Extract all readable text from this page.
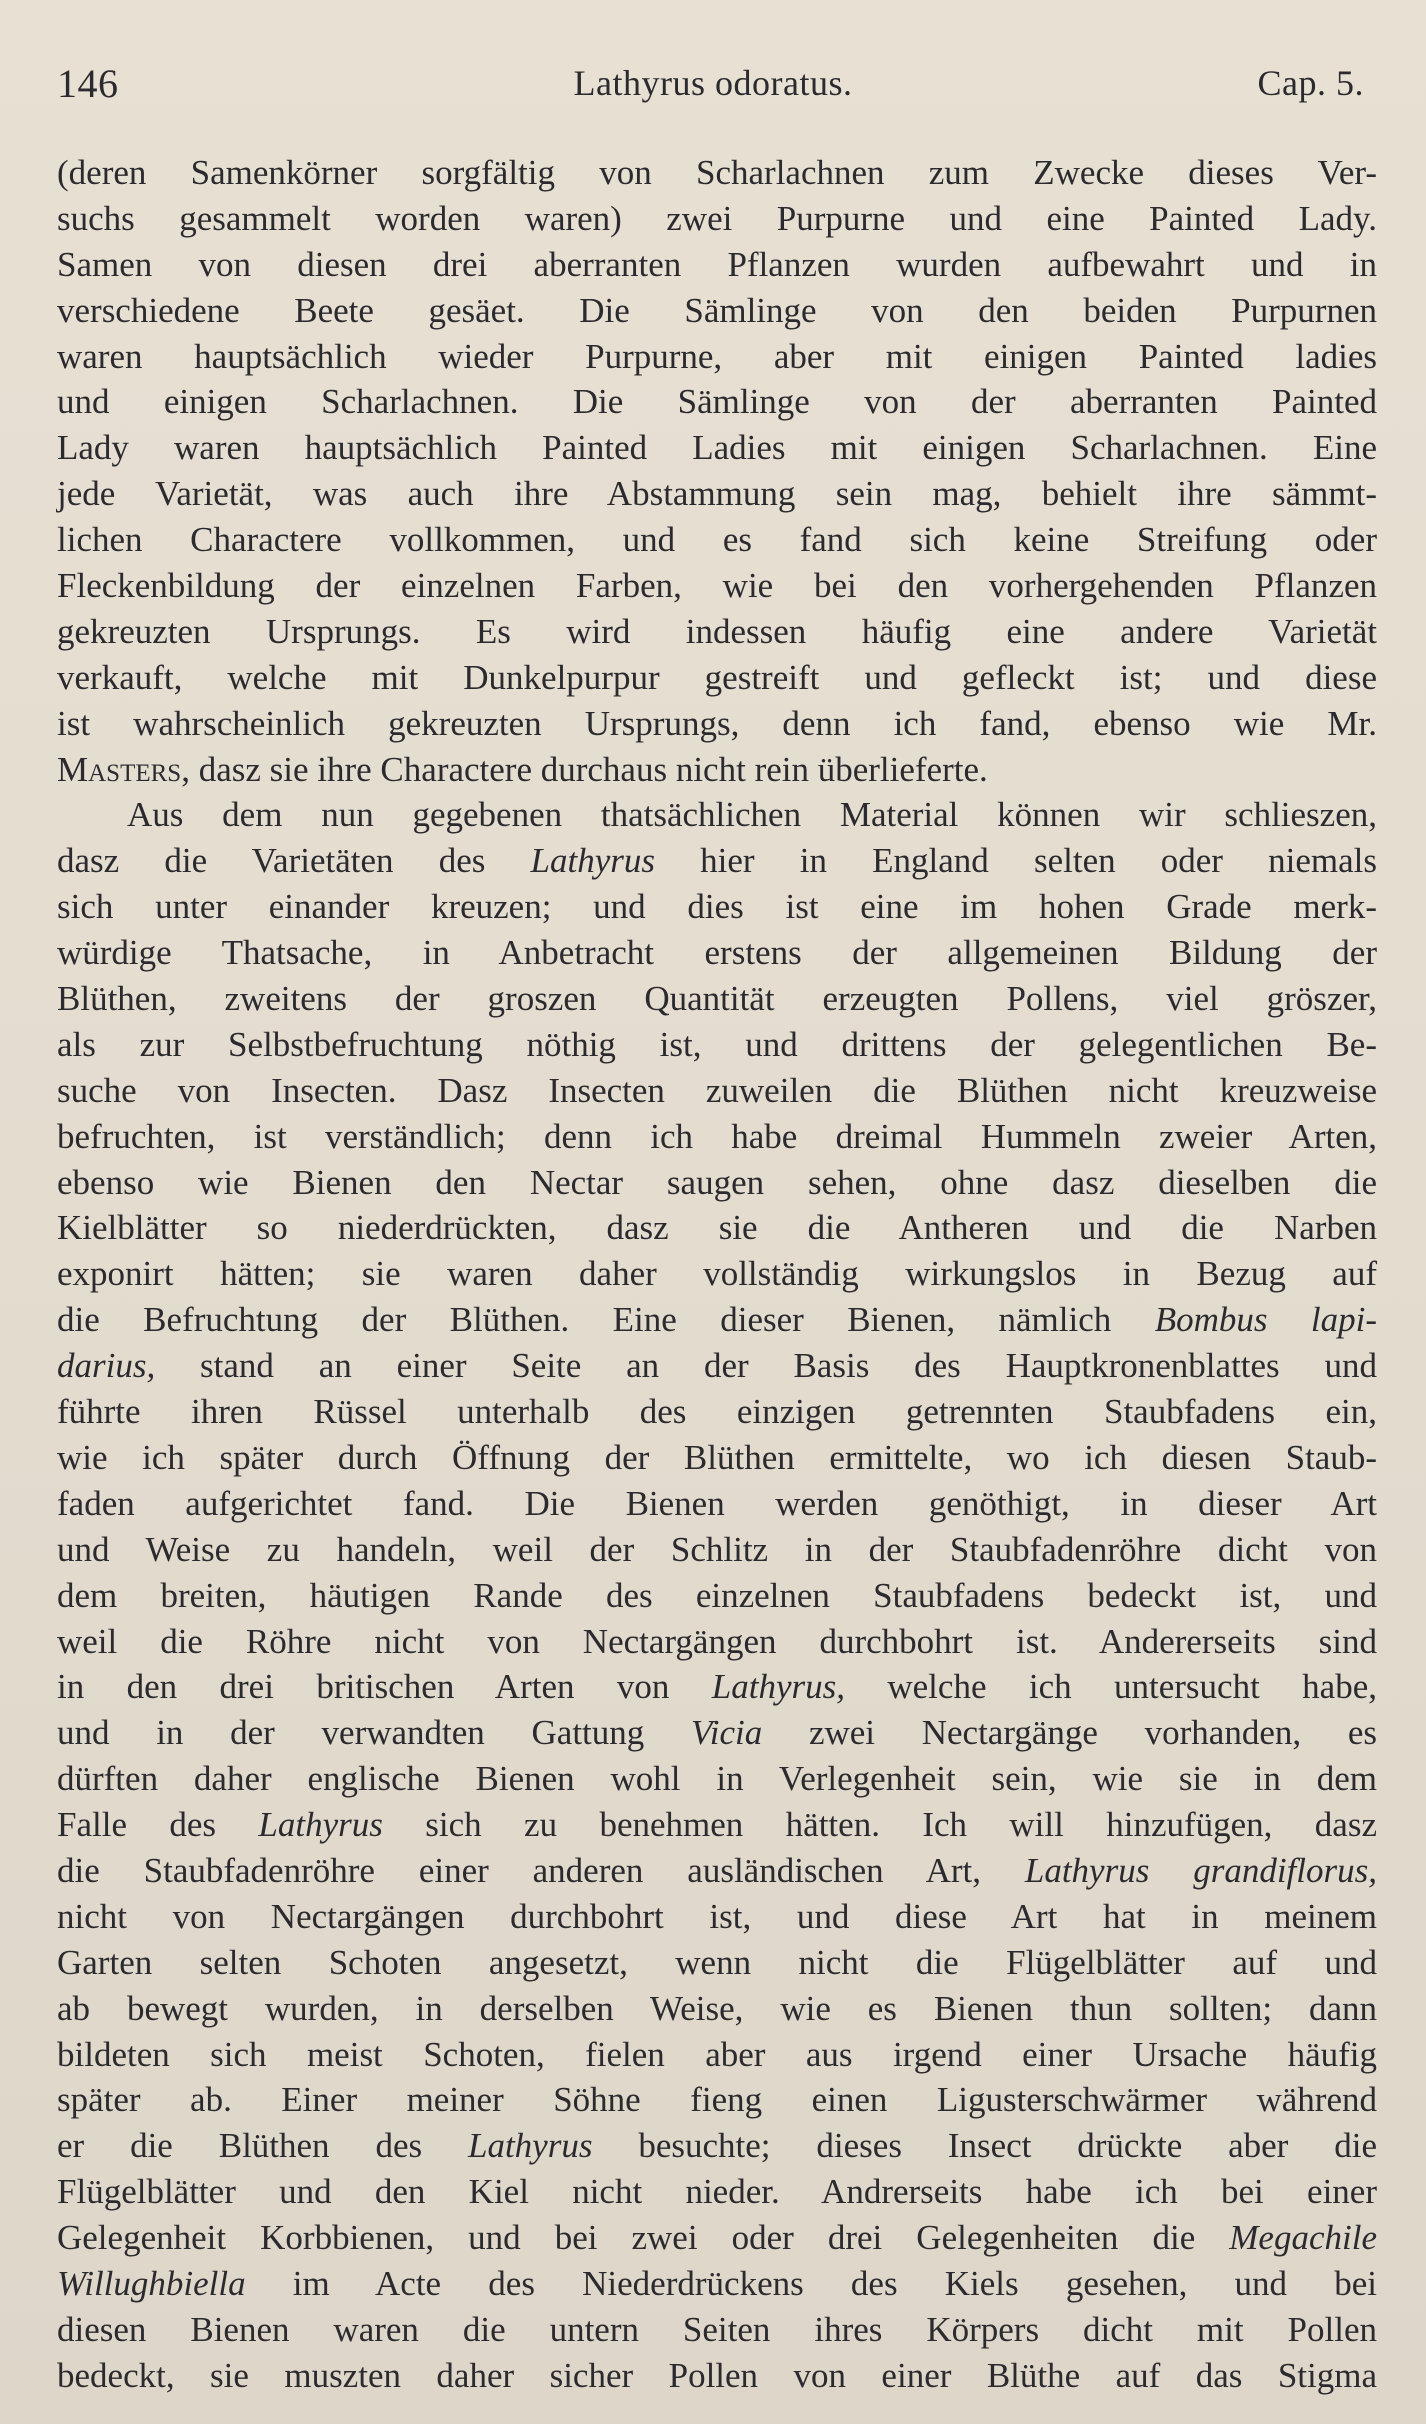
146	Lathyrus odoratus.	Cap. 5.
(deren Samenkörner sorgfältig von Scharlachnen zum Zwecke dieses Ver-
suchs gesammelt worden waren) zwei Purpurne und eine Painted Lady.
Samen von diesen drei aberranten Pflanzen wurden aufbewahrt und in
verschiedene Beete gesäet. Die Sämlinge von den beiden Purpurnen
waren hauptsächlich wieder Purpurne, aber mit einigen Painted ladies
und einigen Scharlachnen. Die Sämlinge von der aberranten Painted
Lady waren hauptsächlich Painted Ladies mit einigen Scharlachnen. Eine
jede Varietät, was auch ihre Abstammung sein mag, behielt ihre sämmt-
lichen Charactere vollkommen, und es fand sich keine Streifung oder
Fleckenbildung der einzelnen Farben, wie bei den vorhergehenden Pflanzen
gekreuzten Ursprungs. Es wird indessen häufig eine andere Varietät
verkauft, welche mit Dunkelpurpur gestreift und gefleckt ist; und diese
ist wahrscheinlich gekreuzten Ursprungs, denn ich fand, ebenso wie Mr.
Masters, dasz sie ihre Charactere durchaus nicht rein überlieferte.
Aus dem nun gegebenen thatsächlichen Material können wir schlieszen,
dasz die Varietäten des Lathyrus hier in England selten oder niemals
sich unter einander kreuzen; und dies ist eine im hohen Grade merk-
würdige Thatsache, in Anbetracht erstens der allgemeinen Bildung der
Blüthen, zweitens der groszen Quantität erzeugten Pollens, viel gröszer,
als zur Selbstbefruchtung nöthig ist, und drittens der gelegentlichen Be-
suche von Insecten. Dasz Insecten zuweilen die Blüthen nicht kreuzweise
befruchten, ist verständlich; denn ich habe dreimal Hummeln zweier Arten,
ebenso wie Bienen den Nectar saugen sehen, ohne dasz dieselben die
Kielblätter so niederdrückten, dasz sie die Antheren und die Narben
exponirt hätten; sie waren daher vollständig wirkungslos in Bezug auf
die Befruchtung der Blüthen. Eine dieser Bienen, nämlich Bombus lapi-
darius, stand an einer Seite an der Basis des Hauptkronenblattes und
führte ihren Rüssel unterhalb des einzigen getrennten Staubfadens ein,
wie ich später durch Öffnung der Blüthen ermittelte, wo ich diesen Staub-
faden aufgerichtet fand. Die Bienen werden genöthigt, in dieser Art
und Weise zu handeln, weil der Schlitz in der Staubfadenröhre dicht von
dem breiten, häutigen Rande des einzelnen Staubfadens bedeckt ist, und
weil die Röhre nicht von Nectargängen durchbohrt ist. Andererseits sind
in den drei britischen Arten von Lathyrus, welche ich untersucht habe,
und in der verwandten Gattung Vicia zwei Nectargänge vorhanden, es
dürften daher englische Bienen wohl in Verlegenheit sein, wie sie in dem
Falle des Lathyrus sich zu benehmen hätten. Ich will hinzufügen, dasz
die Staubfadenröhre einer anderen ausländischen Art, Lathyrus grandiflorus,
nicht von Nectargängen durchbohrt ist, und diese Art hat in meinem
Garten selten Schoten angesetzt, wenn nicht die Flügelblätter auf und
ab bewegt wurden, in derselben Weise, wie es Bienen thun sollten; dann
bildeten sich meist Schoten, fielen aber aus irgend einer Ursache häufig
später ab. Einer meiner Söhne fieng einen Ligusterschwärmer während
er die Blüthen des Lathyrus besuchte; dieses Insect drückte aber die
Flügelblätter und den Kiel nicht nieder. Andrerseits habe ich bei einer
Gelegenheit Korbbienen, und bei zwei oder drei Gelegenheiten die Megachile
Willughbiella im Acte des Niederdrückens des Kiels gesehen, und bei
diesen Bienen waren die untern Seiten ihres Körpers dicht mit Pollen
bedeckt, sie muszten daher sicher Pollen von einer Blüthe auf das Stigma
